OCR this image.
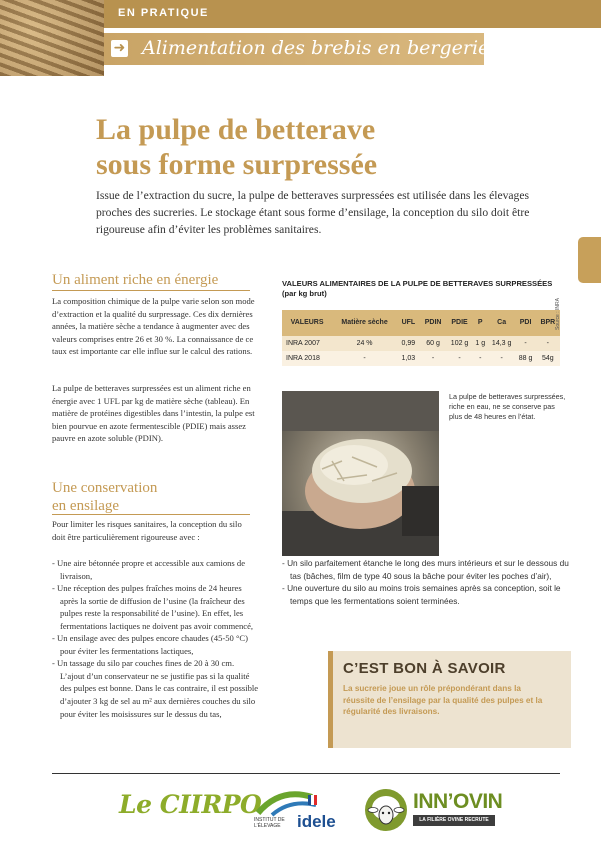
EN PRATIQUE
➜ Alimentation des brebis en bergerie
La pulpe de betterave
sous forme surpressée

Issue de l’extraction du sucre, la pulpe de betteraves surpressées est utilisée dans les élevages proches des sucreries. Le stockage étant sous forme d’ensilage, la conception du silo doit être rigoureuse afin d’éviter les problèmes sanitaires.

Un aliment riche en énergie

La composition chimique de la pulpe varie selon son mode d’extraction et la qualité du surpressage. Ces dix dernières années, la matière sèche a tendance à augmenter avec des valeurs comprises entre 26 et 30 %. La connaissance de ce taux est importante car elle influe sur le calcul des rations.

La pulpe de betteraves surpressées est un aliment riche en énergie avec 1 UFL par kg de matière sèche (tableau). En matière de protéines digestibles dans l’intestin, la pulpe est bien pourvue en azote fermentescible (PDIE) mais assez pauvre en azote soluble (PDIN).

Une conservation
en ensilage

Pour limiter les risques sanitaires, la conception du silo doit être particulièrement rigoureuse avec :

- Une aire bétonnée propre et accessible aux camions de livraison,
- Une réception des pulpes fraîches moins de 24 heures après la sortie de diffusion de l’usine (la fraîcheur des pulpes reste la responsabilité de l’usine). En effet, les fermentations lactiques ne doivent pas avoir commencé,
- Un ensilage avec des pulpes encore chaudes (45-50 °C) pour éviter les fermentations lactiques,
- Un tassage du silo par couches fines de 20 à 30 cm. L’ajout d’un conservateur ne se justifie pas si la qualité des pulpes est bonne. Dans le cas contraire, il est possible d’ajouter 3 kg de sel au m² aux dernières couches du silo pour éviter les moisissures sur le dessus du tas,

VALEURS ALIMENTAIRES DE LA PULPE DE BETTERAVES SURPRESSÉES
(par kg brut)

VALEURS	Matière sèche	UFL	PDIN	PDIE	P	Ca	PDI	BPR
INRA 2007	24 %	0,99	60 g	102 g	1 g	14,3 g	-	-
INRA 2018	-	1,03	-	-	-	-	88 g	54g
Source : INRA

La pulpe de betteraves surpressées, riche en eau, ne se conserve pas plus de 48 heures en l’état.

- Un silo parfaitement étanche le long des murs intérieurs et sur le dessous du tas (bâches, film de type 40 sous la bâche pour éviter les poches d’air),
- Une ouverture du silo au moins trois semaines après sa conception, soit le temps que les fermentations soient terminées.
C’EST BON À SAVOIR

La sucrerie joue un rôle prépondérant dans la réussite de l’ensilage par la qualité des pulpes et la régularité des livraisons.

Le CIIRPO
INSTITUT DE
L’ÉLEVAGE idele
INN’OVIN
LA FILIÈRE OVINE RECRUTE
